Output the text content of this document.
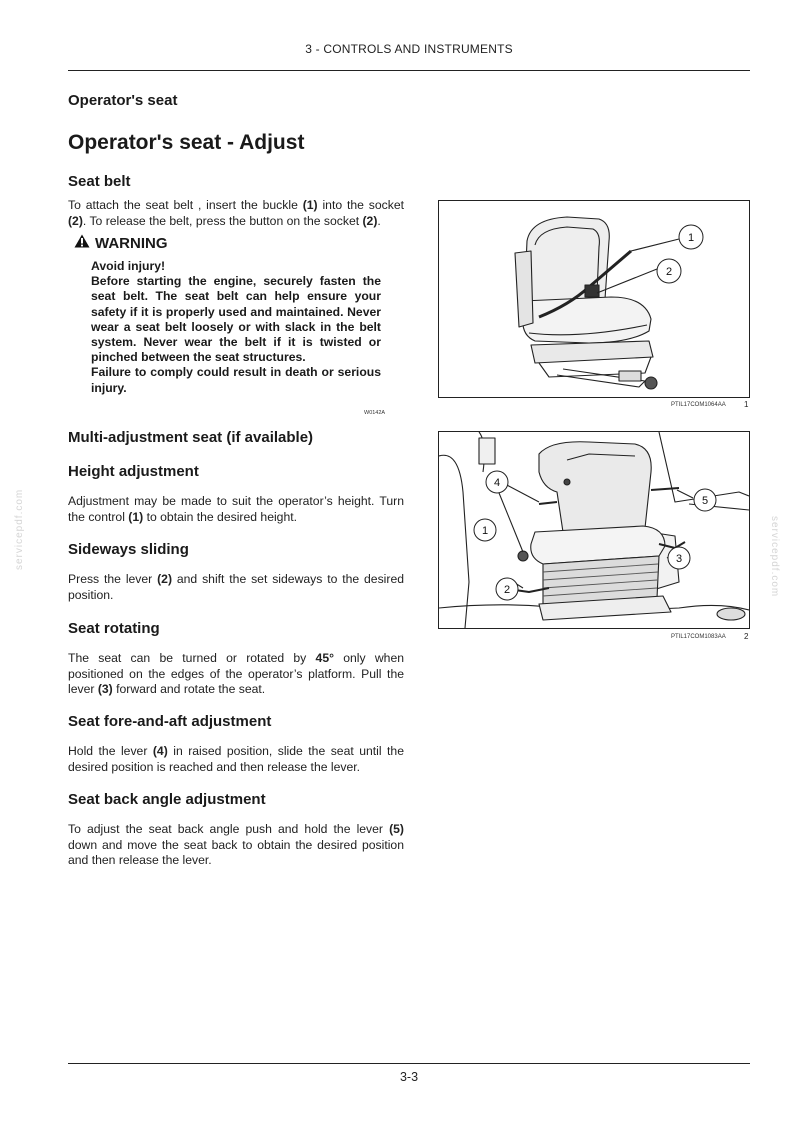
3 - CONTROLS AND INSTRUMENTS
servicepdf.com	servicepdf.com
Operator's seat
Operator's seat - Adjust
Seat belt
To attach the seat belt , insert the buckle (1) into the socket (2). To release the belt, press the button on the socket (2).
WARNING

Avoid injury!

Before starting the engine, securely fasten the seat belt. The seat belt can help ensure your safety if it is properly used and maintained. Never wear a seat belt loosely or with slack in the belt system. Never wear the belt if it is twisted or pinched between the seat structures.

Failure to comply could result in death or serious injury.

W0142A
Multi-adjustment seat (if available)
Height adjustment
Adjustment may be made to suit the operator’s height. Turn the control (1) to obtain the desired height.
Sideways sliding
Press the lever (2) and shift the set sideways to the desired position.
Seat rotating
The seat can be turned or rotated by 45° only when positioned on the edges of the operator’s platform. Pull the lever (3) forward and rotate the seat.
Seat fore-and-aft adjustment
Hold the lever (4) in raised position, slide the seat until the desired position is reached and then release the lever.
Seat back angle adjustment
To adjust the seat back angle push and hold the lever (5) down and move the seat back to obtain the desired position and then release the lever.
1
2
PTIL17COM1064AA 1
1
2
3
4
5
PTIL17COM1083AA 2
3-3
